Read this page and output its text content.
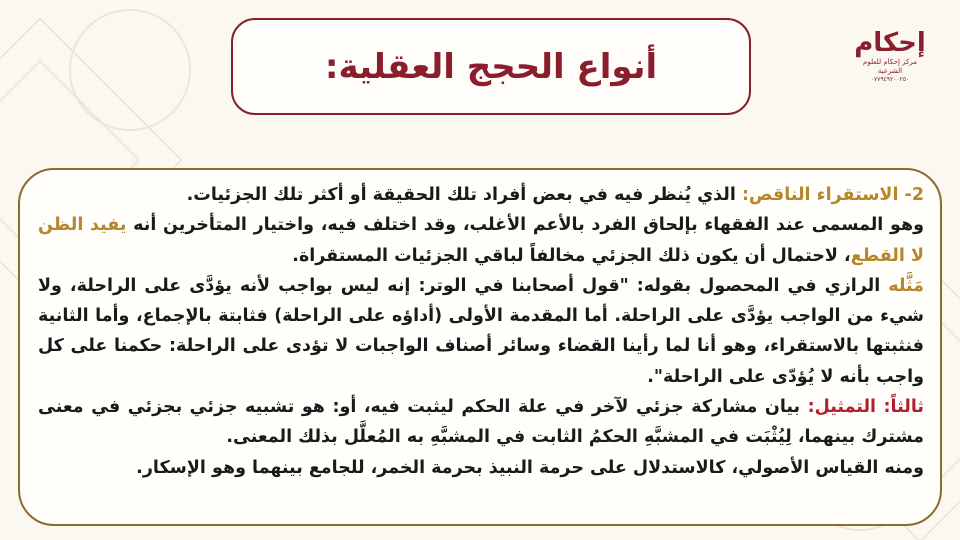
أنواع الحجج العقلية:
إحكام
مركز إحكام للعلوم الشرعية
٠٧٧٩٤٩٢٠٠٢٥٠

2- الاستقراء الناقص: الذي يُنظر فيه في بعض أفراد تلك الحقيقة أو أكثر تلك الجزئيات.

وهو المسمى عند الفقهاء بإلحاق الفرد بالأعم الأغلب، وقد اختلف فيه، واختيار المتأخرين أنه يفيد الظن لا القطع، لاحتمال أن يكون ذلك الجزئي مخالفاً لباقي الجزئيات المستقراة.

مَثَّله الرازي في المحصول بقوله: "قول أصحابنا في الوتر: إنه ليس بواجب لأنه يؤدَّى على الراحلة، ولا شيء من الواجب يؤدَّى على الراحلة. أما المقدمة الأولى (أداؤه على الراحلة) فثابتة بالإجماع، وأما الثانية فنثبتها بالاستقراء، وهو أنا لما رأينا القضاء وسائر أصناف الواجبات لا تؤدى على الراحلة: حكمنا على كل واجب بأنه لا يُؤدّى على الراحلة".

ثالثاً: التمثيل: بيان مشاركة جزئي لآخر في علة الحكم ليثبت فيه، أو: هو تشبيه جزئي بجزئي في معنى مشترك بينهما، لِيُثْبَت في المشبَّهِ الحكمُ الثابت في المشبَّهِ به المُعلَّل بذلك المعنى.

ومنه القياس الأصولي، كالاستدلال على حرمة النبيذ بحرمة الخمر، للجامع بينهما وهو الإسكار.
